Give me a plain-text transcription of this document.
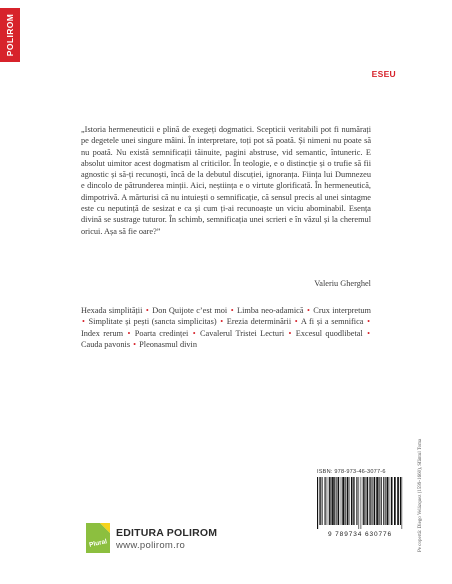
POLIROM
ESEU
„Istoria hermeneuticii e plină de exegeți dogmatici. Scepticii veritabili pot fi numărați pe degetele unei singure mâini. În interpretare, toți pot să poată. Și nimeni nu poate să nu poată. Nu există semnificații tăinuite, pagini abstruse, vid semantic, întuneric. E absolut uimitor acest dogmatism al criticilor. În teologie, e o distincție și o trufie să fii agnostic și să-ți recunoști, încă de la debutul discuției, ignoranța. Ființa lui Dumnezeu e dincolo de pătrunderea minții. Aici, neștiința e o virtute glorificată. În hermeneutică, dimpotrivă. A mărturisi că nu intuiești o semnificație, că sensul precis al unei sintagme este cu neputință de sesizat e ca și cum ți-ai recunoaște un viciu abominabil. Esența divină se sustrage tuturor. În schimb, semnificația unei scrieri e în văzul și la cheremul oricui. Așa să fie oare?”
Valeriu Gherghel
Hexada simplității • Don Quijote c’est moi • Limba neo-adamică • Crux interpretum • Simplitate și pești (sancta simplicitas) • Erezia determinării • A fi și a semnifica • Index rerum • Poarta credinței • Cavalerul Tristei Lecturi • Excesul quodlibetal • Cauda pavonis • Pleonasmul divin
Pe copertă: Diego Velázquez (1599-1660), Sfântul Toma
ISBN: 978-973-46-3077-6
9 789734 630776
Plural
EDITURA POLIROM
www.polirom.ro
